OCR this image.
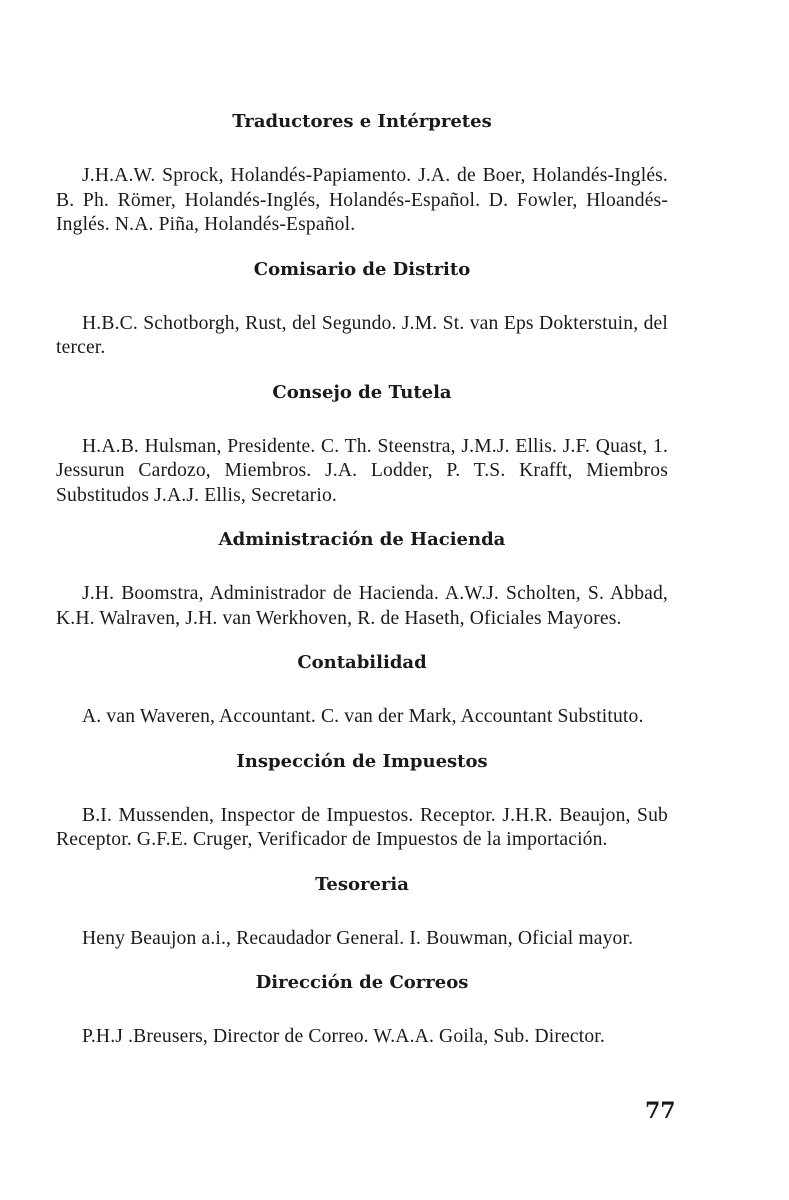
Traductores e Intérpretes

J.H.A.W. Sprock, Holandés-Papiamento. J.A. de Boer, Holandés-Inglés. B. Ph. Römer, Holandés-Inglés, Holandés-Español. D. Fowler, Hloandés-Inglés. N.A. Piña, Holandés-Español.

Comisario de Distrito

H.B.C. Schotborgh, Rust, del Segundo. J.M. St. van Eps Dokterstuin, del tercer.

Consejo de Tutela

H.A.B. Hulsman, Presidente. C. Th. Steenstra, J.M.J. Ellis. J.F. Quast, 1. Jessurun Cardozo, Miembros. J.A. Lodder, P. T.S. Krafft, Miembros Substitudos J.A.J. Ellis, Secretario.

Administración de Hacienda

J.H. Boomstra, Administrador de Hacienda. A.W.J. Scholten, S. Abbad, K.H. Walraven, J.H. van Werkhoven, R. de Haseth, Oficiales Mayores.

Contabilidad

A. van Waveren, Accountant. C. van der Mark, Accountant Substituto.

Inspección de Impuestos

B.I. Mussenden, Inspector de Impuestos. Receptor. J.H.R. Beaujon, Sub Receptor. G.F.E. Cruger, Verificador de Impuestos de la importación.

Tesoreria

Heny Beaujon a.i., Recaudador General. I. Bouwman, Oficial mayor.

Dirección de Correos

P.H.J .Breusers, Director de Correo. W.A.A. Goila, Sub. Director.

77
